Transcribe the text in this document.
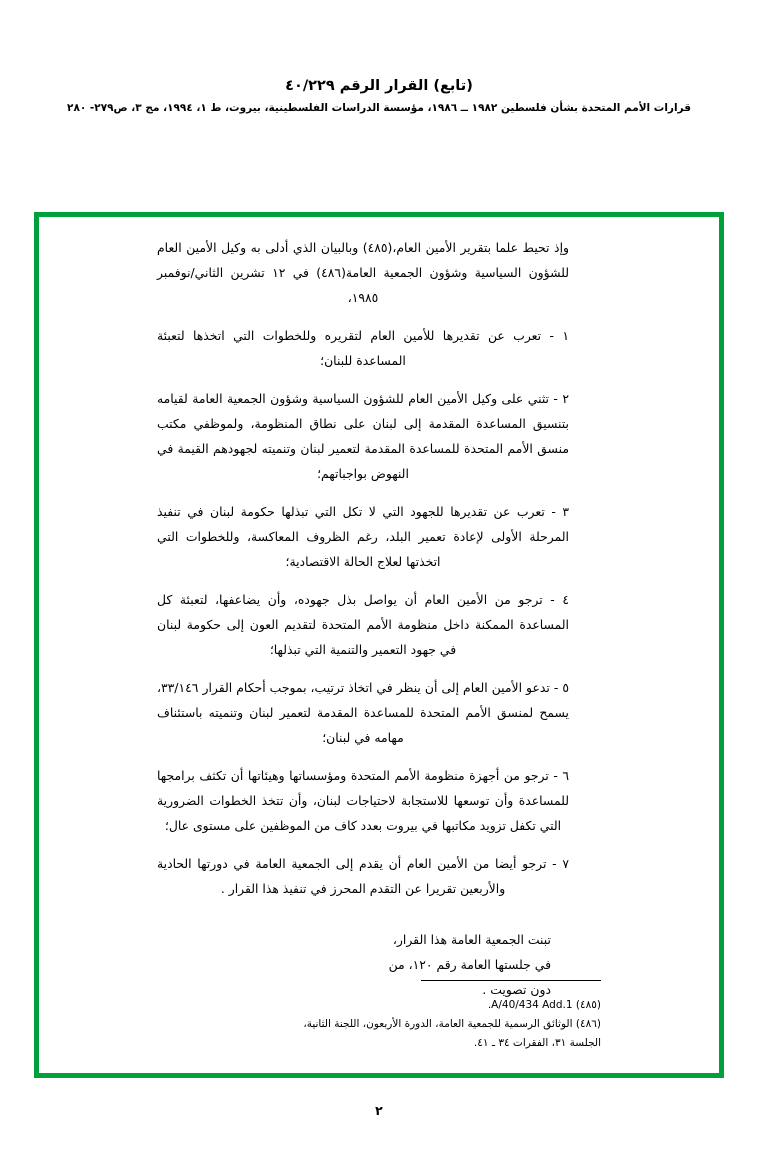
(تابع) القرار الرقم ٤٠/٢٢٩
قرارات الأمم المتحدة بشأن فلسطين ١٩٨٢ ــ ١٩٨٦، مؤسسة الدراسات الفلسطينية، بيروت، ط ١، ١٩٩٤، مج ٣، ص٢٧٩- ٢٨٠

وإذ تحيط علما بتقرير الأمين العام،(٤٨٥) وبالبيان الذي أدلى به وكيل الأمين العام للشؤون السياسية وشؤون الجمعية العامة(٤٨٦) في ١٢ تشرين الثاني/نوفمبر ١٩٨٥،

١ - تعرب عن تقديرها للأمين العام لتقريره وللخطوات التي اتخذها لتعبئة المساعدة للبنان؛

٢ - تثني على وكيل الأمين العام للشؤون السياسية وشؤون الجمعية العامة لقيامه بتنسيق المساعدة المقدمة إلى لبنان على نطاق المنظومة، ولموظفي مكتب منسق الأمم المتحدة للمساعدة المقدمة لتعمير لبنان وتنميته لجهودهم القيمة في النهوض بواجباتهم؛

٣ - تعرب عن تقديرها للجهود التي لا تكل التي تبذلها حكومة لبنان في تنفيذ المرحلة الأولى لإعادة تعمير البلد، رغم الظروف المعاكسة، وللخطوات التي اتخذتها لعلاج الحالة الاقتصادية؛

٤ - ترجو من الأمين العام أن يواصل بذل جهوده، وأن يضاعفها، لتعبئة كل المساعدة الممكنة داخل منظومة الأمم المتحدة لتقديم العون إلى حكومة لبنان في جهود التعمير والتنمية التي تبذلها؛

٥ - تدعو الأمين العام إلى أن ينظر في اتخاذ ترتيب، بموجب أحكام القرار ٣٣/١٤٦، يسمح لمنسق الأمم المتحدة للمساعدة المقدمة لتعمير لبنان وتنميته باستئناف مهامه في لبنان؛

٦ - ترجو من أجهزة منظومة الأمم المتحدة ومؤسساتها وهيئاتها أن تكثف برامجها للمساعدة وأن توسعها للاستجابة لاحتياجات لبنان، وأن تتخذ الخطوات الضرورية التي تكفل تزويد مكاتبها في بيروت بعدد كاف من الموظفين على مستوى عال؛

٧ - ترجو أيضا من الأمين العام أن يقدم إلى الجمعية العامة في دورتها الحادية والأربعين تقريرا عن التقدم المحرز في تنفيذ هذا القرار .

تبنت الجمعية العامة هذا القرار،
في جلستها العامة رقم ١٢٠، من
دون تصويت .
(٤٨٥) A/40/434 Add.1.
(٤٨٦) الوثائق الرسمية للجمعية العامة، الدورة الأربعون، اللجنة الثانية،
الجلسة ٣١، الفقرات ٣٤ ـ ٤١.
٢
